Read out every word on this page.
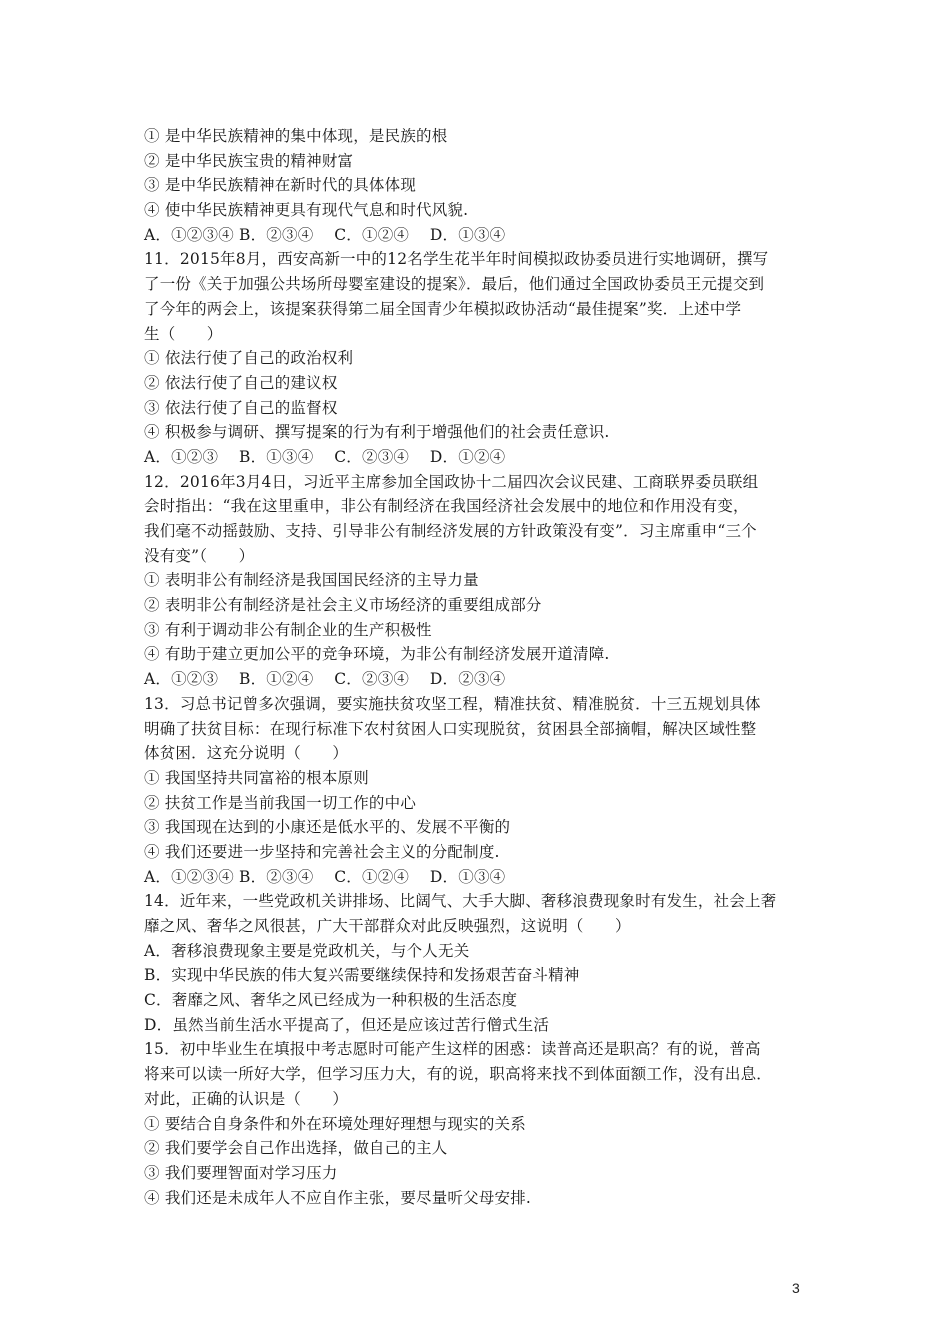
① 是中华民族精神的集中体现，是民族的根
② 是中华民族宝贵的精神财富
③ 是中华民族精神在新时代的具体体现
④ 使中华民族精神更具有现代气息和时代风貌.
A．①②③④ B．②③④　 C．①②④　 D．①③④
11．2015年8月，西安高新一中的12名学生花半年时间模拟政协委员进行实地调研，撰写
了一份《关于加强公共场所母婴室建设的提案》．最后，他们通过全国政协委员王元提交到
了今年的两会上，该提案获得第二届全国青少年模拟政协活动“最佳提案”奖．上述中学
生（　　）
① 依法行使了自己的政治权利
② 依法行使了自己的建议权
③ 依法行使了自己的监督权
④ 积极参与调研、撰写提案的行为有利于增强他们的社会责任意识.
A．①②③　 B．①③④　 C．②③④　 D．①②④
12．2016年3月4日，习近平主席参加全国政协十二届四次会议民建、工商联界委员联组
会时指出：“我在这里重申，非公有制经济在我国经济社会发展中的地位和作用没有变，
我们毫不动摇鼓励、支持、引导非公有制经济发展的方针政策没有变”．习主席重申“三个
没有变”（　　）
① 表明非公有制经济是我国国民经济的主导力量
② 表明非公有制经济是社会主义市场经济的重要组成部分
③ 有利于调动非公有制企业的生产积极性
④ 有助于建立更加公平的竞争环境，为非公有制经济发展开道清障.
A．①②③　 B．①②④　 C．②③④　 D．②③④
13．习总书记曾多次强调，要实施扶贫攻坚工程，精准扶贫、精准脱贫．十三五规划具体
明确了扶贫目标：在现行标准下农村贫困人口实现脱贫，贫困县全部摘帽，解决区域性整
体贫困．这充分说明（　　）
① 我国坚持共同富裕的根本原则
② 扶贫工作是当前我国一切工作的中心
③ 我国现在达到的小康还是低水平的、发展不平衡的
④ 我们还要进一步坚持和完善社会主义的分配制度.
A．①②③④ B．②③④　 C．①②④　 D．①③④
14．近年来，一些党政机关讲排场、比阔气、大手大脚、奢移浪费现象时有发生，社会上奢
靡之风、奢华之风很甚，广大干部群众对此反映强烈，这说明（　　）
A．奢移浪费现象主要是党政机关，与个人无关
B．实现中华民族的伟大复兴需要继续保持和发扬艰苦奋斗精神
C．奢靡之风、奢华之风已经成为一种积极的生活态度
D．虽然当前生活水平提高了，但还是应该过苦行僧式生活
15．初中毕业生在填报中考志愿时可能产生这样的困惑：读普高还是职高？有的说，普高
将来可以读一所好大学，但学习压力大，有的说，职高将来找不到体面额工作，没有出息．
对此，正确的认识是（　　）
① 要结合自身条件和外在环境处理好理想与现实的关系
② 我们要学会自己作出选择，做自己的主人
③ 我们要理智面对学习压力
④ 我们还是未成年人不应自作主张，要尽量听父母安排.
3
